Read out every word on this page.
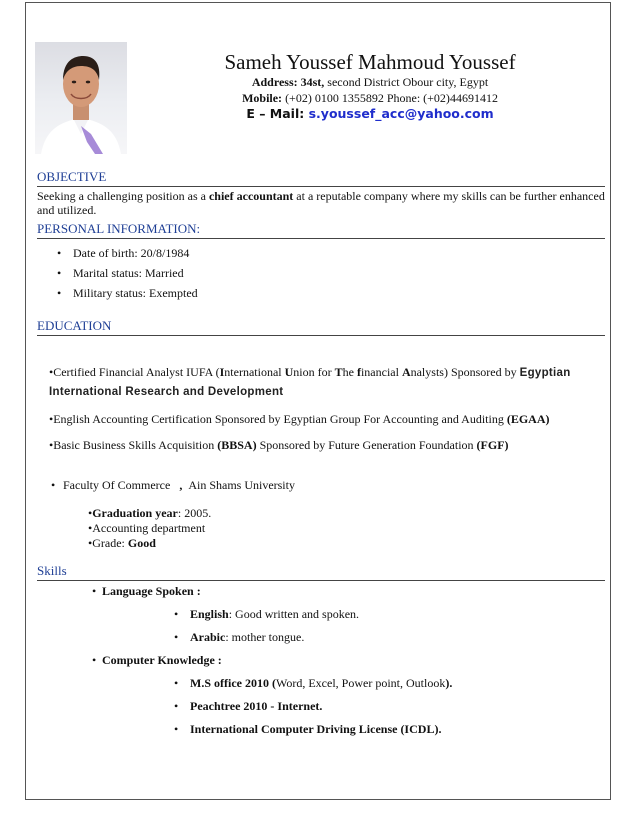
Sameh Youssef Mahmoud Youssef
Address: 34st, second District Obour city, Egypt
Mobile: (+02) 0100 1355892 Phone: (+02)44691412
E – Mail: s.youssef_acc@yahoo.com
OBJECTIVE
Seeking a challenging position as a chief accountant at a reputable company where my skills can be further enhanced and utilized.
PERSONAL INFORMATION:
• Date of birth: 20/8/1984
• Marital status: Married
• Military status: Exempted
EDUCATION
•Certified Financial Analyst IUFA (International Union for The financial Analysts) Sponsored by Egyptian International Research and Development
•English Accounting Certification Sponsored by Egyptian Group For Accounting and Auditing (EGAA)
•Basic Business Skills Acquisition (BBSA) Sponsored by Future Generation Foundation (FGF)
• Faculty Of Commerce , Ain Shams University
•Graduation year: 2005.
•Accounting department
•Grade: Good
Skills
• Language Spoken :
• English: Good written and spoken.
• Arabic: mother tongue.
• Computer Knowledge :
• M.S office 2010 (Word, Excel, Power point, Outlook).
• Peachtree 2010 - Internet.
• International Computer Driving License (ICDL).
